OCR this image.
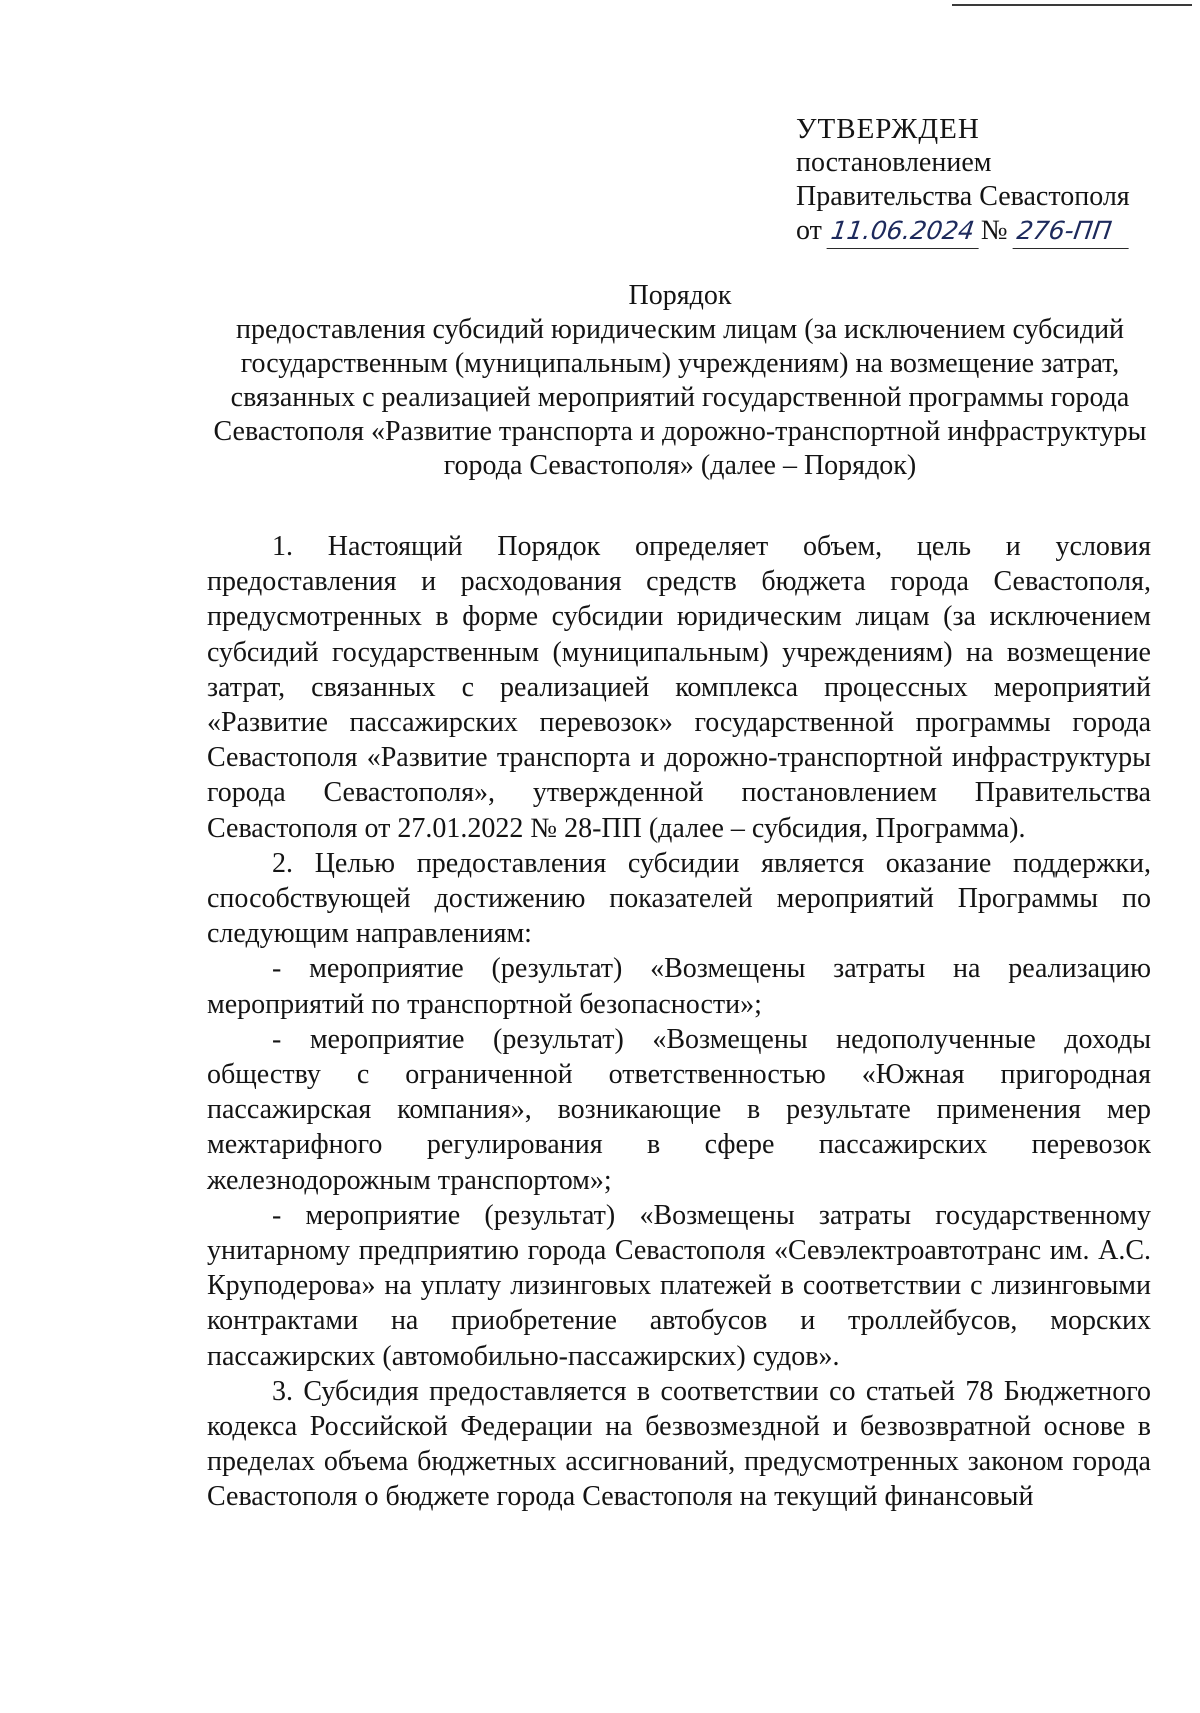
УТВЕРЖДЕН
постановлением
Правительства Севастополя
от 11.06.2024 № 276-ПП
Порядок
предоставления субсидий юридическим лицам (за исключением субсидий государственным (муниципальным) учреждениям) на возмещение затрат, связанных с реализацией мероприятий государственной программы города Севастополя «Развитие транспорта и дорожно-транспортной инфраструктуры города Севастополя» (далее – Порядок)

1. Настоящий Порядок определяет объем, цель и условия предоставления и расходования средств бюджета города Севастополя, предусмотренных в форме субсидии юридическим лицам (за исключением субсидий государственным (муниципальным) учреждениям) на возмещение затрат, связанных с реализацией комплекса процессных мероприятий «Развитие пассажирских перевозок» государственной программы города Севастополя «Развитие транспорта и дорожно-транспортной инфраструктуры города Севастополя», утвержденной постановлением Правительства Севастополя от 27.01.2022 № 28-ПП (далее – субсидия, Программа).

2. Целью предоставления субсидии является оказание поддержки, способствующей достижению показателей мероприятий Программы по следующим направлениям:

- мероприятие (результат) «Возмещены затраты на реализацию мероприятий по транспортной безопасности»;

- мероприятие (результат) «Возмещены недополученные доходы обществу с ограниченной ответственностью «Южная пригородная пассажирская компания», возникающие в результате применения мер межтарифного регулирования в сфере пассажирских перевозок железнодорожным транспортом»;

- мероприятие (результат) «Возмещены затраты государственному унитарному предприятию города Севастополя «Севэлектроавтотранс им. А.С. Круподерова» на уплату лизинговых платежей в соответствии с лизинговыми контрактами на приобретение автобусов и троллейбусов, морских пассажирских (автомобильно-пассажирских) судов».

3. Субсидия предоставляется в соответствии со статьей 78 Бюджетного кодекса Российской Федерации на безвозмездной и безвозвратной основе в пределах объема бюджетных ассигнований, предусмотренных законом города Севастополя о бюджете города Севастополя на текущий финансовый
